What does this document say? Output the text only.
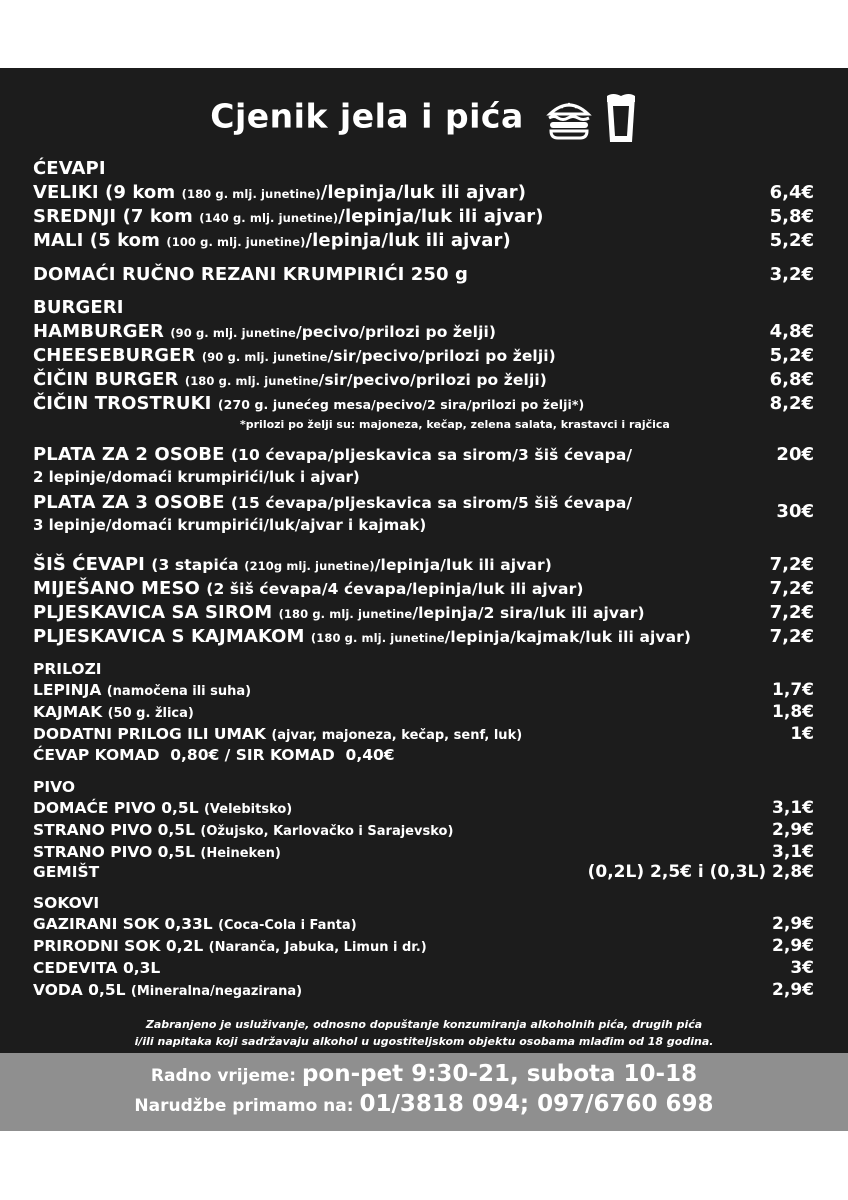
Cjenik jela i pića
ĆEVAPI
VELIKI (9 kom (180 g. mlj. junetine)/lepinja/luk ili ajvar)	6,4€
SREDNJI (7 kom (140 g. mlj. junetine)/lepinja/luk ili ajvar)	5,8€
MALI (5 kom (100 g. mlj. junetine)/lepinja/luk ili ajvar)	5,2€
DOMAĆI RUČNO REZANI KRUMPIRIĆI 250 g	3,2€
BURGERI
HAMBURGER (90 g. mlj. junetine/pecivo/prilozi po želji)	4,8€
CHEESEBURGER (90 g. mlj. junetine/sir/pecivo/prilozi po želji)	5,2€
ČIČIN BURGER (180 g. mlj. junetine/sir/pecivo/prilozi po želji)	6,8€
ČIČIN TROSTRUKI (270 g. junećeg mesa/pecivo/2 sira/prilozi po želji*)	8,2€
*prilozi po želji su: majoneza, kečap, zelena salata, krastavci i rajčica
PLATA ZA 2 OSOBE (10 ćevapa/pljeskavica sa sirom/3 šiš ćevapa/	20€
2 lepinje/domaći krumpirići/luk i ajvar)
PLATA ZA 3 OSOBE (15 ćevapa/pljeskavica sa sirom/5 šiš ćevapa/	30€
3 lepinje/domaći krumpirići/luk/ajvar i kajmak)
ŠIŠ ĆEVAPI (3 stapića (210g mlj. junetine)/lepinja/luk ili ajvar)	7,2€
MIJEŠANO MESO (2 šiš ćevapa/4 ćevapa/lepinja/luk ili ajvar)	7,2€
PLJESKAVICA SA SIROM (180 g. mlj. junetine/lepinja/2 sira/luk ili ajvar)	7,2€
PLJESKAVICA S KAJMAKOM (180 g. mlj. junetine/lepinja/kajmak/luk ili ajvar)	7,2€
PRILOZI
LEPINJA (namočena ili suha)	1,7€
KAJMAK (50 g. žlica)	1,8€
DODATNI PRILOG ILI UMAK (ajvar, majoneza, kečap, senf, luk)	1€
ĆEVAP KOMAD  0,80€ / SIR KOMAD  0,40€
PIVO
DOMAĆE PIVO 0,5L (Velebitsko)	3,1€
STRANO PIVO 0,5L (Ožujsko, Karlovačko i Sarajevsko)	2,9€
STRANO PIVO 0,5L (Heineken)	3,1€
GEMIŠT	(0,2L) 2,5€ i (0,3L) 2,8€
SOKOVI
GAZIRANI SOK 0,33L (Coca-Cola i Fanta)	2,9€
PRIRODNI SOK 0,2L (Naranča, Jabuka, Limun i dr.)	2,9€
CEDEVITA 0,3L	3€
VODA 0,5L (Mineralna/negazirana)	2,9€
Zabranjeno je usluživanje, odnosno dopuštanje konzumiranja alkoholnih pića, drugih pića
i/ili napitaka koji sadržavaju alkohol u ugostiteljskom objektu osobama mlađim od 18 godina.
Radno vrijeme: pon-pet 9:30-21, subota 10-18
Narudžbe primamo na: 01/3818 094; 097/6760 698
